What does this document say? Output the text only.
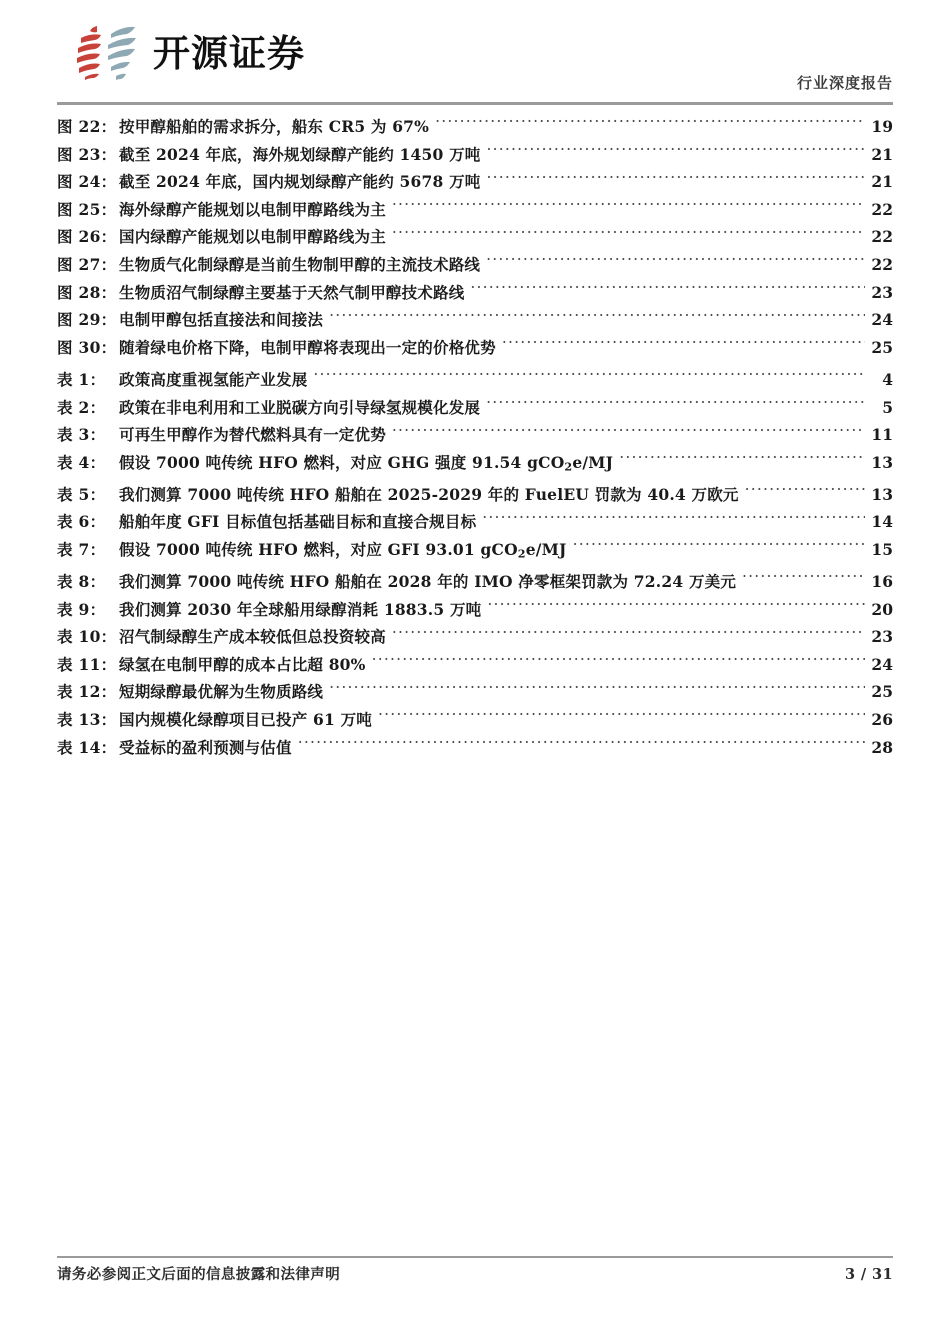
开源证券
行业深度报告
图 22： 按甲醇船舶的需求拆分，船东 CR5 为 67% .....	19
图 23： 截至 2024 年底，海外规划绿醇产能约 1450 万吨 .....	21
图 24： 截至 2024 年底，国内规划绿醇产能约 5678 万吨 .....	21
图 25： 海外绿醇产能规划以电制甲醇路线为主 .....	22
图 26： 国内绿醇产能规划以电制甲醇路线为主 .....	22
图 27： 生物质气化制绿醇是当前生物制甲醇的主流技术路线 .....	22
图 28： 生物质沼气制绿醇主要基于天然气制甲醇技术路线 .....	23
图 29： 电制甲醇包括直接法和间接法 .....	24
图 30： 随着绿电价格下降，电制甲醇将表现出一定的价格优势 .....	25
表 1： 政策高度重视氢能产业发展 .....	4
表 2： 政策在非电利用和工业脱碳方向引导绿氢规模化发展 .....	5
表 3： 可再生甲醇作为替代燃料具有一定优势 .....	11
表 4： 假设 7000 吨传统 HFO 燃料，对应 GHG 强度 91.54 gCO$_2$e/MJ .....	13
表 5： 我们测算 7000 吨传统 HFO 船舶在 2025-2029 年的 FuelEU 罚款为 40.4 万欧元 .....	13
表 6： 船舶年度 GFI 目标值包括基础目标和直接合规目标 .....	14
表 7： 假设 7000 吨传统 HFO 燃料，对应 GFI 93.01 gCO$_2$e/MJ .....	15
表 8： 我们测算 7000 吨传统 HFO 船舶在 2028 年的 IMO 净零框架罚款为 72.24 万美元 .....	16
表 9： 我们测算 2030 年全球船用绿醇消耗 1883.5 万吨 .....	20
表 10： 沼气制绿醇生产成本较低但总投资较高 .....	23
表 11： 绿氢在电制甲醇的成本占比超 80% .....	24
表 12： 短期绿醇最优解为生物质路线 .....	25
表 13： 国内规模化绿醇项目已投产 61 万吨 .....	26
表 14： 受益标的盈利预测与估值 .....	28
请务必参阅正文后面的信息披露和法律声明	3 / 31
